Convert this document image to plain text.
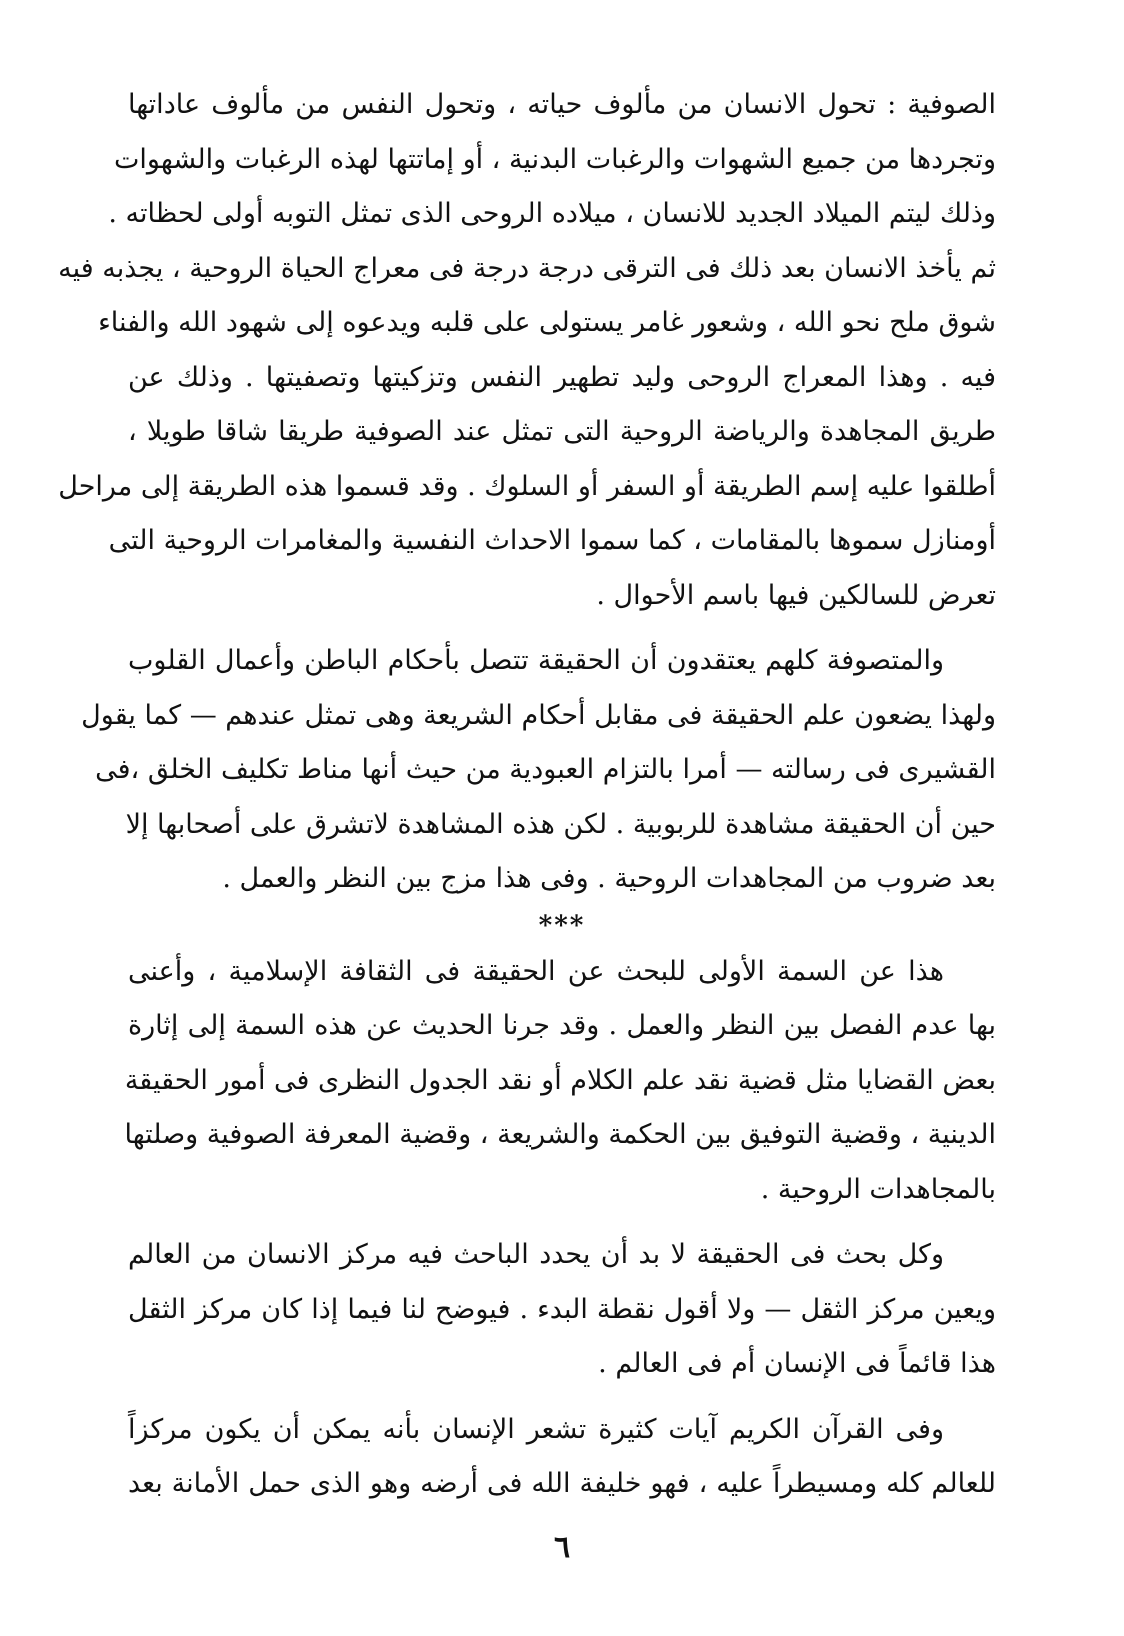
الصوفية : تحول الانسان من مألوف حياته ، وتحول النفس من مألوف عاداتها
وتجردها من جميع الشهوات والرغبات البدنية ، أو إماتتها لهذه الرغبات والشهوات
وذلك ليتم الميلاد الجديد للانسان ، ميلاده الروحى الذى تمثل التوبه أولى لحظاته .
ثم يأخذ الانسان بعد ذلك فى الترقى درجة درجة فى معراج الحياة الروحية ، يجذبه فيه
شوق ملح نحو الله ، وشعور غامر يستولى على قلبه ويدعوه إلى شهود الله والفناء
فيه . وهذا المعراج الروحى وليد تطهير النفس وتزكيتها وتصفيتها . وذلك عن
طريق المجاهدة والرياضة الروحية التى تمثل عند الصوفية طريقا شاقا طويلا ،
أطلقوا عليه إسم الطريقة أو السفر أو السلوك . وقد قسموا هذه الطريقة إلى مراحل
أومنازل سموها بالمقامات ، كما سموا الاحداث النفسية والمغامرات الروحية التى
تعرض للسالكين فيها باسم الأحوال .

والمتصوفة كلهم يعتقدون أن الحقيقة تتصل بأحكام الباطن وأعمال القلوب
ولهذا يضعون علم الحقيقة فى مقابل أحكام الشريعة وهى تمثل عندهم — كما يقول
القشيرى فى رسالته — أمرا بالتزام العبودية من حيث أنها مناط تكليف الخلق ،فى
حين أن الحقيقة مشاهدة للربوبية . لكن هذه المشاهدة لاتشرق على أصحابها إلا
بعد ضروب من المجاهدات الروحية . وفى هذا مزج بين النظر والعمل .

***

هذا عن السمة الأولى للبحث عن الحقيقة فى الثقافة الإسلامية ، وأعنى
بها عدم الفصل بين النظر والعمل . وقد جرنا الحديث عن هذه السمة إلى إثارة
بعض القضايا مثل قضية نقد علم الكلام أو نقد الجدول النظرى فى أمور الحقيقة
الدينية ، وقضية التوفيق بين الحكمة والشريعة ، وقضية المعرفة الصوفية وصلتها
بالمجاهدات الروحية .

وكل بحث فى الحقيقة لا بد أن يحدد الباحث فيه مركز الانسان من العالم
ويعين مركز الثقل — ولا أقول نقطة البدء . فيوضح لنا فيما إذا كان مركز الثقل
هذا قائماً فى الإنسان أم فى العالم .

وفى القرآن الكريم آيات كثيرة تشعر الإنسان بأنه يمكن أن يكون مركزاً
للعالم كله ومسيطراً عليه ، فهو خليفة الله فى أرضه وهو الذى حمل الأمانة بعد

٦
